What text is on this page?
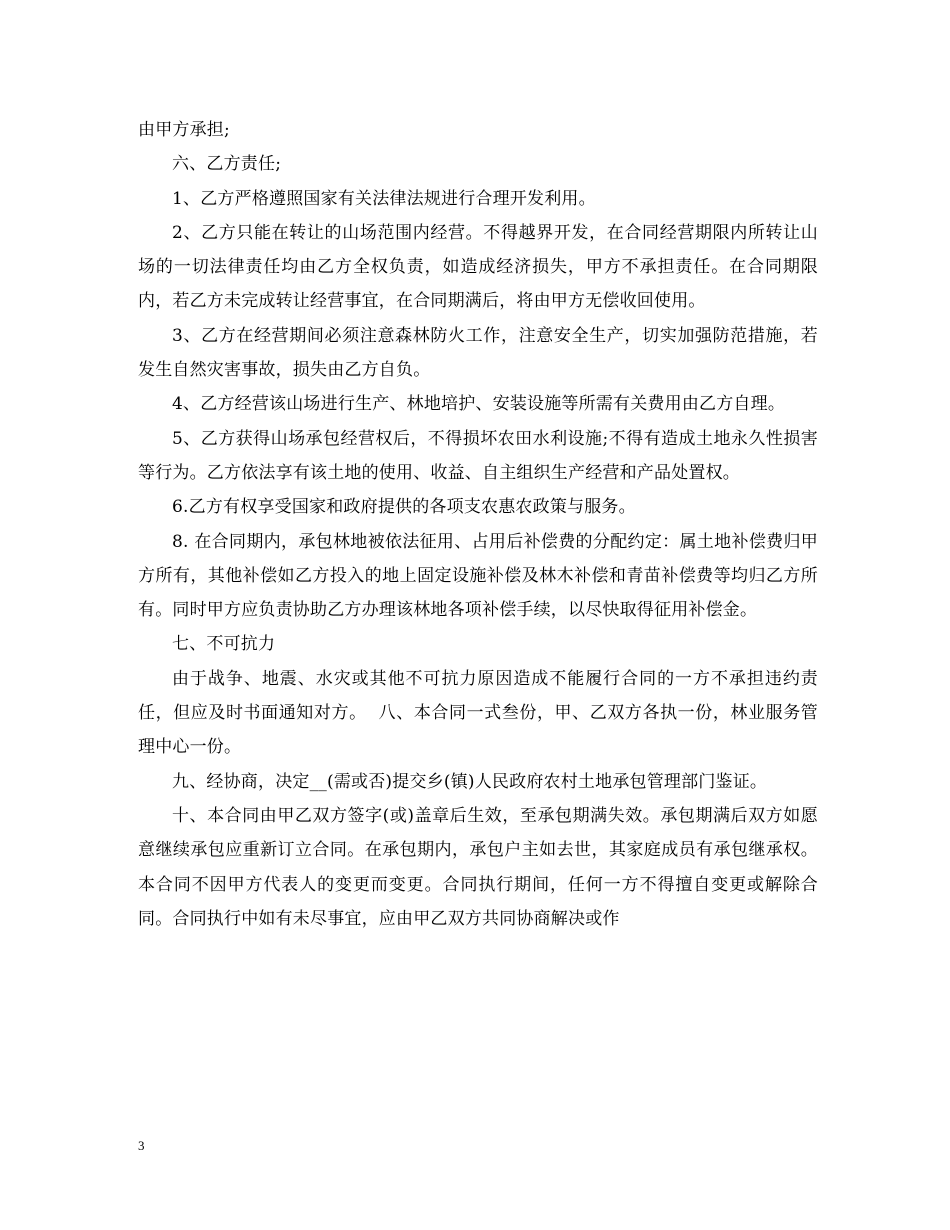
由甲方承担;

六、乙方责任;

1、乙方严格遵照国家有关法律法规进行合理开发利用。

2、乙方只能在转让的山场范围内经营。不得越界开发，在合同经营期限内所转让山场的一切法律责任均由乙方全权负责，如造成经济损失，甲方不承担责任。在合同期限内，若乙方未完成转让经营事宜，在合同期满后，将由甲方无偿收回使用。

3、乙方在经营期间必须注意森林防火工作，注意安全生产，切实加强防范措施，若发生自然灾害事故，损失由乙方自负。

4、乙方经营该山场进行生产、林地培护、安装设施等所需有关费用由乙方自理。

5、乙方获得山场承包经营权后，不得损坏农田水利设施;不得有造成土地永久性损害等行为。乙方依法享有该土地的使用、收益、自主组织生产经营和产品处置权。

6.乙方有权享受国家和政府提供的各项支农惠农政策与服务。

8. 在合同期内，承包林地被依法征用、占用后补偿费的分配约定：属土地补偿费归甲方所有，其他补偿如乙方投入的地上固定设施补偿及林木补偿和青苗补偿费等均归乙方所有。同时甲方应负责协助乙方办理该林地各项补偿手续，以尽快取得征用补偿金。

七、不可抗力

由于战争、地震、水灾或其他不可抗力原因造成不能履行合同的一方不承担违约责任，但应及时书面通知对方。  八、本合同一式叁份，甲、乙双方各执一份，林业服务管理中心一份。

九、经协商，决定__(需或否)提交乡(镇)人民政府农村土地承包管理部门鉴证。

十、本合同由甲乙双方签字(或)盖章后生效，至承包期满失效。承包期满后双方如愿意继续承包应重新订立合同。在承包期内，承包户主如去世，其家庭成员有承包继承权。本合同不因甲方代表人的变更而变更。合同执行期间，任何一方不得擅自变更或解除合同。合同执行中如有未尽事宜，应由甲乙双方共同协商解决或作

3
